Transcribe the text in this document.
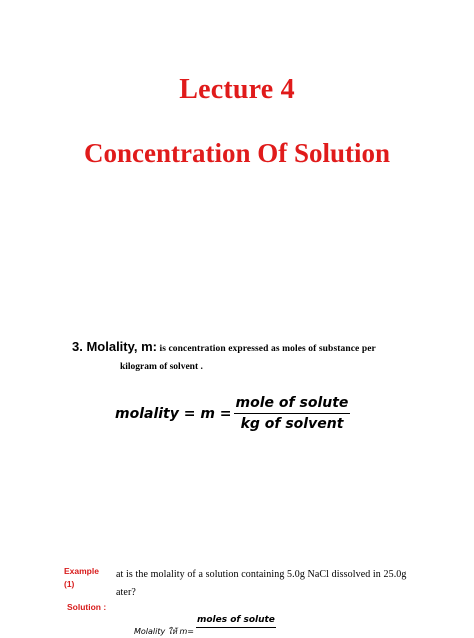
Lecture 4
Concentration Of Solution
3. Molality, m: is concentration expressed as moles of substance per
kilogram of solvent .
molality = $m = \frac{\text{mole of solute}}{\text{kg of solvent}}$
Example
(1)
at is the molality of a solution containing 5.0g NaCl dissolved in 25.0g
ater?
Solution :
Molality ให้ m=
moles of solute
